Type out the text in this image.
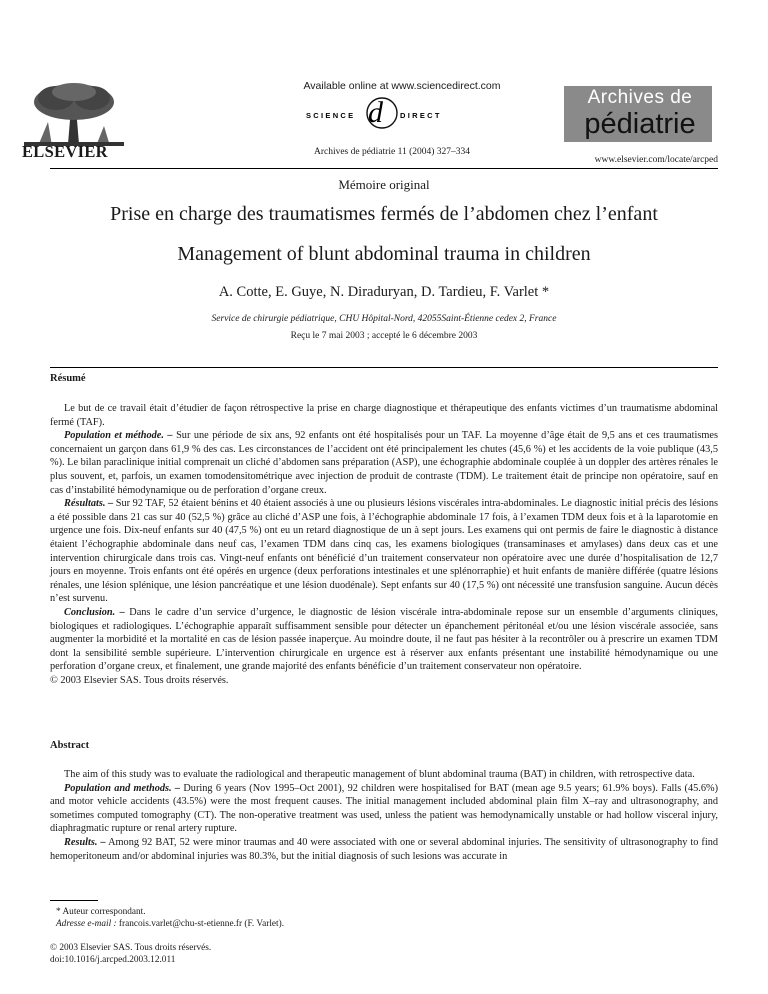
ELSEVIER
Available online at www.sciencedirect.com
SCIENCE d DIRECT
Archives de pédiatrie 11 (2004) 327–334
Archives de
pédiatrie
www.elsevier.com/locate/arcped
Mémoire original
Prise en charge des traumatismes fermés de l’abdomen chez l’enfant
Management of blunt abdominal trauma in children
A. Cotte, E. Guye, N. Diraduryan, D. Tardieu, F. Varlet *
Service de chirurgie pédiatrique, CHU Hôpital-Nord, 42055Saint-Étienne cedex 2, France
Reçu le 7 mai 2003 ; accepté le 6 décembre 2003
Résumé

Le but de ce travail était d’étudier de façon rétrospective la prise en charge diagnostique et thérapeutique des enfants victimes d’un traumatisme abdominal fermé (TAF).

Population et méthode. – Sur une période de six ans, 92 enfants ont été hospitalisés pour un TAF. La moyenne d’âge était de 9,5 ans et ces traumatismes concernaient un garçon dans 61,9 % des cas. Les circonstances de l’accident ont été principalement les chutes (45,6 %) et les accidents de la voie publique (43,5 %). Le bilan paraclinique initial comprenait un cliché d’abdomen sans préparation (ASP), une échographie abdominale couplée à un doppler des artères rénales le plus souvent, et, parfois, un examen tomodensitométrique avec injection de produit de contraste (TDM). Le traitement était de principe non opératoire, sauf en cas d’instabilité hémodynamique ou de perforation d’organe creux.

Résultats. – Sur 92 TAF, 52 étaient bénins et 40 étaient associés à une ou plusieurs lésions viscérales intra-abdominales. Le diagnostic initial précis des lésions a été possible dans 21 cas sur 40 (52,5 %) grâce au cliché d’ASP une fois, à l’échographie abdominale 17 fois, à l’examen TDM deux fois et à la laparotomie en urgence une fois. Dix-neuf enfants sur 40 (47,5 %) ont eu un retard diagnostique de un à sept jours. Les examens qui ont permis de faire le diagnostic à distance étaient l’échographie abdominale dans neuf cas, l’examen TDM dans cinq cas, les examens biologiques (transaminases et amylases) dans deux cas et une intervention chirurgicale dans trois cas. Vingt-neuf enfants ont bénéficié d’un traitement conservateur non opératoire avec une durée d’hospitalisation de 12,7 jours en moyenne. Trois enfants ont été opérés en urgence (deux perforations intestinales et une splénorraphie) et huit enfants de manière différée (quatre lésions rénales, une lésion splénique, une lésion pancréatique et une lésion duodénale). Sept enfants sur 40 (17,5 %) ont nécessité une transfusion sanguine. Aucun décès n’est survenu.

Conclusion. – Dans le cadre d’un service d’urgence, le diagnostic de lésion viscérale intra-abdominale repose sur un ensemble d’arguments cliniques, biologiques et radiologiques. L’échographie apparaît suffisamment sensible pour détecter un épanchement péritonéal et/ou une lésion viscérale associée, sans augmenter la morbidité et la mortalité en cas de lésion passée inaperçue. Au moindre doute, il ne faut pas hésiter à la recontrôler ou à prescrire un examen TDM dont la sensibilité semble supérieure. L’intervention chirurgicale en urgence est à réserver aux enfants présentant une instabilité hémodynamique ou une perforation d’organe creux, et finalement, une grande majorité des enfants bénéficie d’un traitement conservateur non opératoire.

© 2003 Elsevier SAS. Tous droits réservés.

Abstract

The aim of this study was to evaluate the radiological and therapeutic management of blunt abdominal trauma (BAT) in children, with retrospective data.

Population and methods. – During 6 years (Nov 1995–Oct 2001), 92 children were hospitalised for BAT (mean age 9.5 years; 61.9% boys). Falls (45.6%) and motor vehicle accidents (43.5%) were the most frequent causes. The initial management included abdominal plain film X–ray and ultrasonography, and sometimes computed tomography (CT). The non-operative treatment was used, unless the patient was hemodynamically unstable or had hollow visceral injury, diaphragmatic rupture or renal artery rupture.

Results. – Among 92 BAT, 52 were minor traumas and 40 were associated with one or several abdominal injuries. The sensitivity of ultrasonography to find hemoperitoneum and/or abdominal injuries was 80.3%, but the initial diagnosis of such lesions was accurate in

* Auteur correspondant.
Adresse e-mail : francois.varlet@chu-st-etienne.fr (F. Varlet).
© 2003 Elsevier SAS. Tous droits réservés.
doi:10.1016/j.arcped.2003.12.011
